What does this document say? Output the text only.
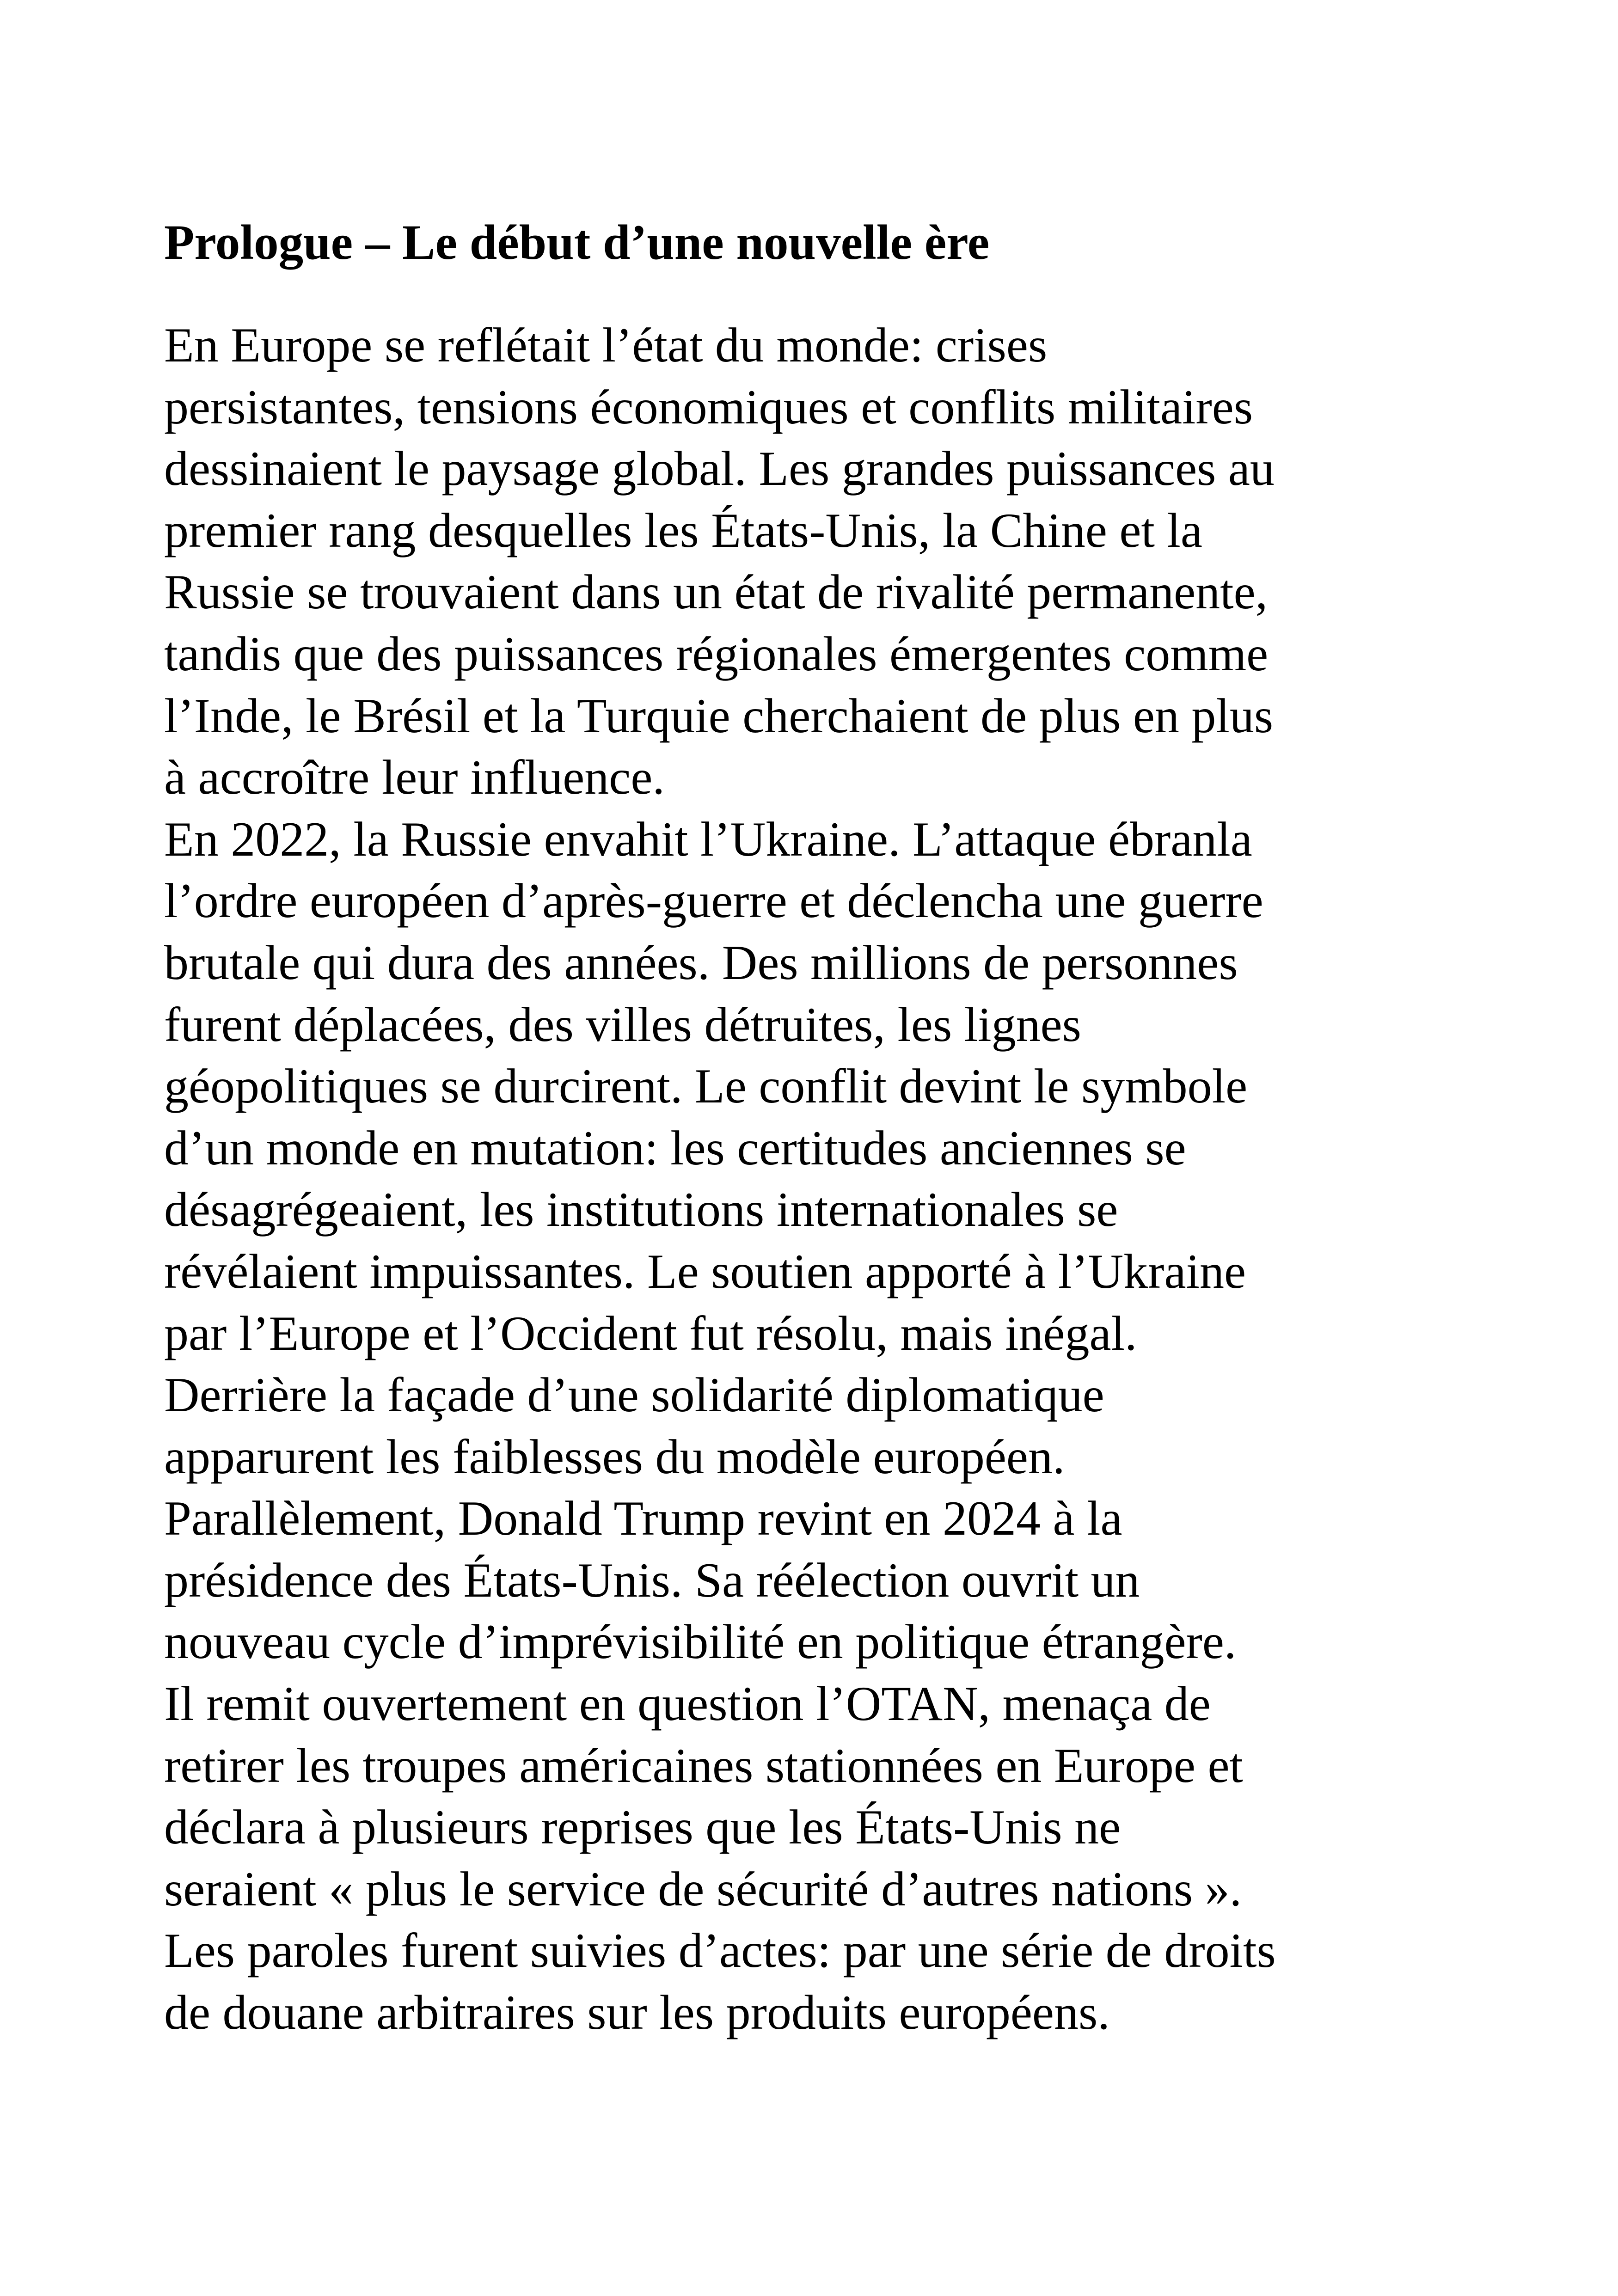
Prologue – Le début d’une nouvelle ère
En Europe se reflétait l’état du monde: crises
persistantes, tensions économiques et conflits militaires
dessinaient le paysage global. Les grandes puissances au
premier rang desquelles les États-Unis, la Chine et la
Russie se trouvaient dans un état de rivalité permanente,
tandis que des puissances régionales émergentes comme
l’Inde, le Brésil et la Turquie cherchaient de plus en plus
à accroître leur influence.
En 2022, la Russie envahit l’Ukraine. L’attaque ébranla
l’ordre européen d’après-guerre et déclencha une guerre
brutale qui dura des années. Des millions de personnes
furent déplacées, des villes détruites, les lignes
géopolitiques se durcirent. Le conflit devint le symbole
d’un monde en mutation: les certitudes anciennes se
désagrégeaient, les institutions internationales se
révélaient impuissantes. Le soutien apporté à l’Ukraine
par l’Europe et l’Occident fut résolu, mais inégal.
Derrière la façade d’une solidarité diplomatique
apparurent les faiblesses du modèle européen.
Parallèlement, Donald Trump revint en 2024 à la
présidence des États-Unis. Sa réélection ouvrit un
nouveau cycle d’imprévisibilité en politique étrangère.
Il remit ouvertement en question l’OTAN, menaça de
retirer les troupes américaines stationnées en Europe et
déclara à plusieurs reprises que les États-Unis ne
seraient « plus le service de sécurité d’autres nations ».
Les paroles furent suivies d’actes: par une série de droits
de douane arbitraires sur les produits européens.
